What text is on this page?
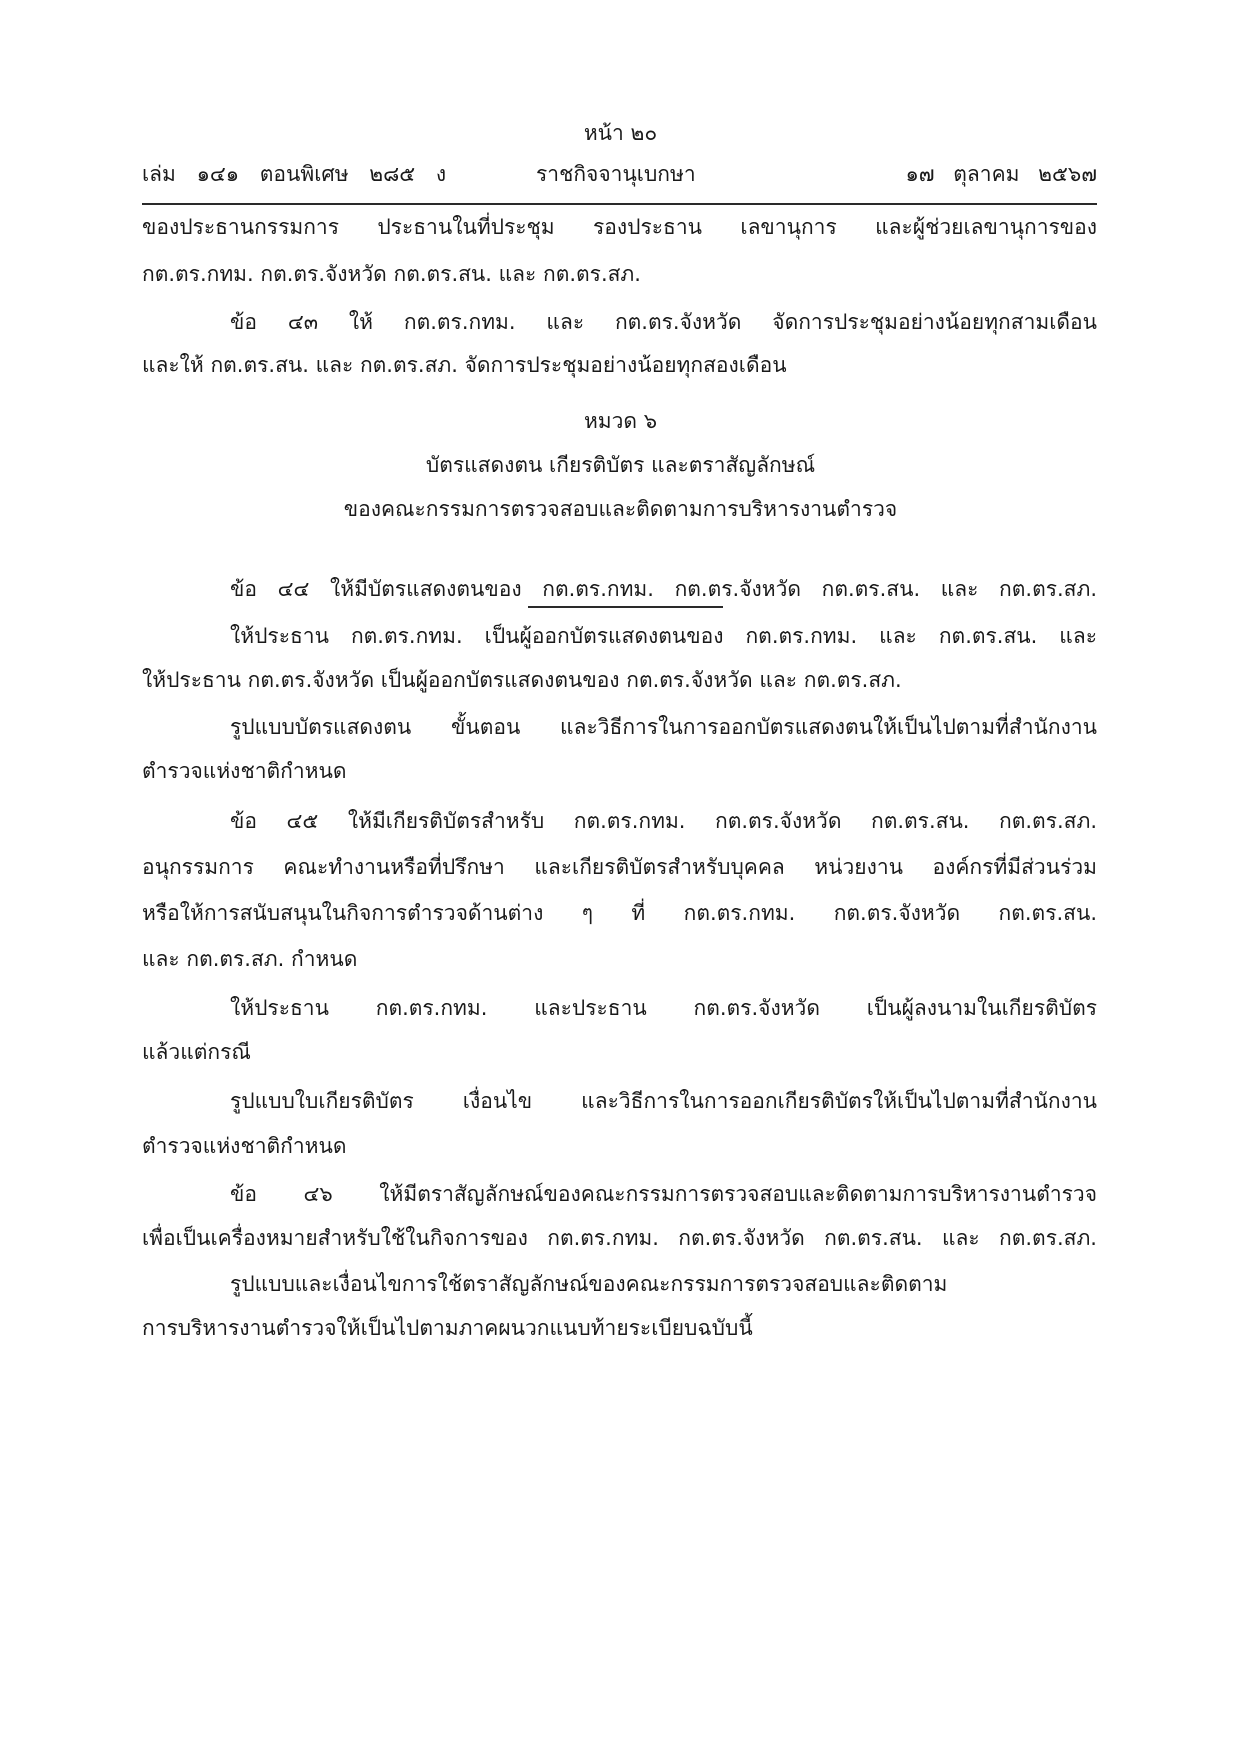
หน้า ๒๐
เล่ม ๑๔๑ ตอนพิเศษ ๒๘๕ ง	ราชกิจจานุเบกษา	๑๗ ตุลาคม ๒๕๖๗
ของประธานกรรมการ ประธานในที่ประชุม รองประธาน เลขานุการ และผู้ช่วยเลขานุการของ
กต.ตร.กทม. กต.ตร.จังหวัด กต.ตร.สน. และ กต.ตร.สภ.
ข้อ ๔๓ ให้ กต.ตร.กทม. และ กต.ตร.จังหวัด จัดการประชุมอย่างน้อยทุกสามเดือน
และให้ กต.ตร.สน. และ กต.ตร.สภ. จัดการประชุมอย่างน้อยทุกสองเดือน
หมวด ๖
บัตรแสดงตน เกียรติบัตร และตราสัญลักษณ์
ของคณะกรรมการตรวจสอบและติดตามการบริหารงานตำรวจ
ข้อ ๔๔ ให้มีบัตรแสดงตนของ กต.ตร.กทม. กต.ตร.จังหวัด กต.ตร.สน. และ กต.ตร.สภ.
ให้ประธาน กต.ตร.กทม. เป็นผู้ออกบัตรแสดงตนของ กต.ตร.กทม. และ กต.ตร.สน. และ
ให้ประธาน กต.ตร.จังหวัด เป็นผู้ออกบัตรแสดงตนของ กต.ตร.จังหวัด และ กต.ตร.สภ.
รูปแบบบัตรแสดงตน ขั้นตอน และวิธีการในการออกบัตรแสดงตนให้เป็นไปตามที่สำนักงาน
ตำรวจแห่งชาติกำหนด
ข้อ ๔๕ ให้มีเกียรติบัตรสำหรับ กต.ตร.กทม. กต.ตร.จังหวัด กต.ตร.สน. กต.ตร.สภ.
อนุกรรมการ คณะทำงานหรือที่ปรึกษา และเกียรติบัตรสำหรับบุคคล หน่วยงาน องค์กรที่มีส่วนร่วม
หรือให้การสนับสนุนในกิจการตำรวจด้านต่าง ๆ ที่ กต.ตร.กทม. กต.ตร.จังหวัด กต.ตร.สน.
และ กต.ตร.สภ. กำหนด
ให้ประธาน กต.ตร.กทม. และประธาน กต.ตร.จังหวัด เป็นผู้ลงนามในเกียรติบัตร
แล้วแต่กรณี
รูปแบบใบเกียรติบัตร เงื่อนไข และวิธีการในการออกเกียรติบัตรให้เป็นไปตามที่สำนักงาน
ตำรวจแห่งชาติกำหนด
ข้อ ๔๖ ให้มีตราสัญลักษณ์ของคณะกรรมการตรวจสอบและติดตามการบริหารงานตำรวจ
เพื่อเป็นเครื่องหมายสำหรับใช้ในกิจการของ กต.ตร.กทม. กต.ตร.จังหวัด กต.ตร.สน. และ กต.ตร.สภ.
รูปแบบและเงื่อนไขการใช้ตราสัญลักษณ์ของคณะกรรมการตรวจสอบและติดตาม
การบริหารงานตำรวจให้เป็นไปตามภาคผนวกแนบท้ายระเบียบฉบับนี้
